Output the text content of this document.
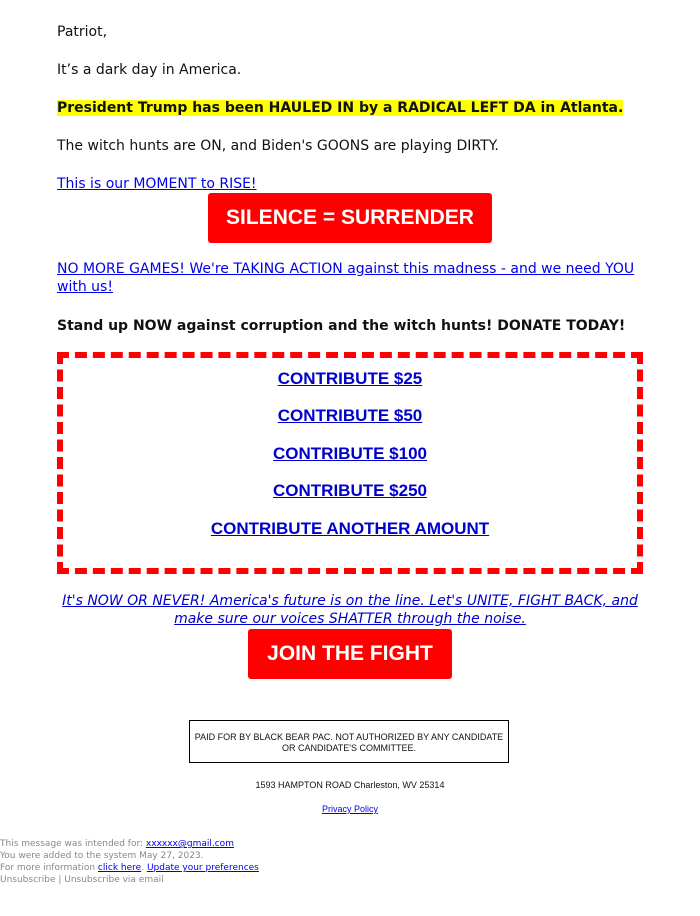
Patriot,

It’s a dark day in America.

President Trump has been HAULED IN by a RADICAL LEFT DA in Atlanta.

The witch hunts are ON, and Biden's GOONS are playing DIRTY.

This is our MOMENT to RISE!

SILENCE = SURRENDER

NO MORE GAMES! We're TAKING ACTION against this madness - and we need YOU with us!

Stand up NOW against corruption and the witch hunts! DONATE TODAY!

CONTRIBUTE $25
CONTRIBUTE $50
CONTRIBUTE $100
CONTRIBUTE $250
CONTRIBUTE ANOTHER AMOUNT
It's NOW OR NEVER! America's future is on the line. Let's UNITE, FIGHT BACK, and make sure our voices SHATTER through the noise.
JOIN THE FIGHT
PAID FOR BY BLACK BEAR PAC. NOT AUTHORIZED BY ANY CANDIDATE OR CANDIDATE'S COMMITTEE.
1593 HAMPTON ROAD Charleston, WV 25314
Privacy Policy
This message was intended for: xxxxxx@gmail.com
You were added to the system May 27, 2023.
For more information click here. Update your preferences
Unsubscribe | Unsubscribe via email
